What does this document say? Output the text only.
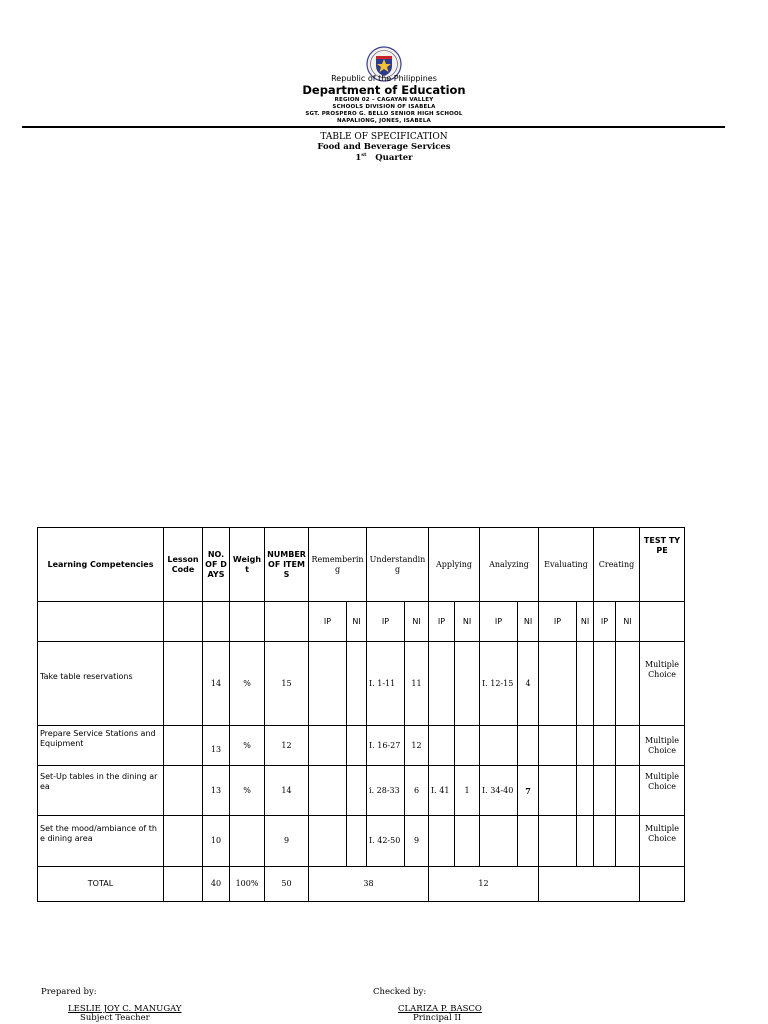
Republic of the Philippines
Department of Education
REGION 02 – CAGAYAN VALLEY
SCHOOLS DIVISION OF ISABELA
SGT. PROSPERO G. BELLO SENIOR HIGH SCHOOL
NAPALIONG, JONES, ISABELA
TABLE OF SPECIFICATION
Food and Beverage Services
1st Quarter
Learning Competencies	Lesson Code	NO. OF DAYS	Weight	NUMBER OF ITEMS	Remembering		Understanding		Applying		Analyzing		Evaluating		Creating		TEST TYPE
					IP	NI	IP	NI	IP	NI	IP	NI	IP	NI	IP	NI	
Take table reservations		14	%	15			I. 1-11	11			I. 12-15	4					Multiple Choice
Prepare Service Stations and Equipment		13	%	12			I. 16-27	12									Multiple Choice
Set-Up tables in the dining area		13	%	14			i. 28-33	6	I. 41	1	I. 34-40	7					Multiple Choice
Set the mood/ambiance of the dining area		10		9			I. 42-50	9									Multiple Choice
TOTAL		40	100%	50	38				12								
Prepared by:
LESLIE JOY C. MANUGAY
Subject Teacher
Checked by:
CLARIZA P. BASCO
Principal II
